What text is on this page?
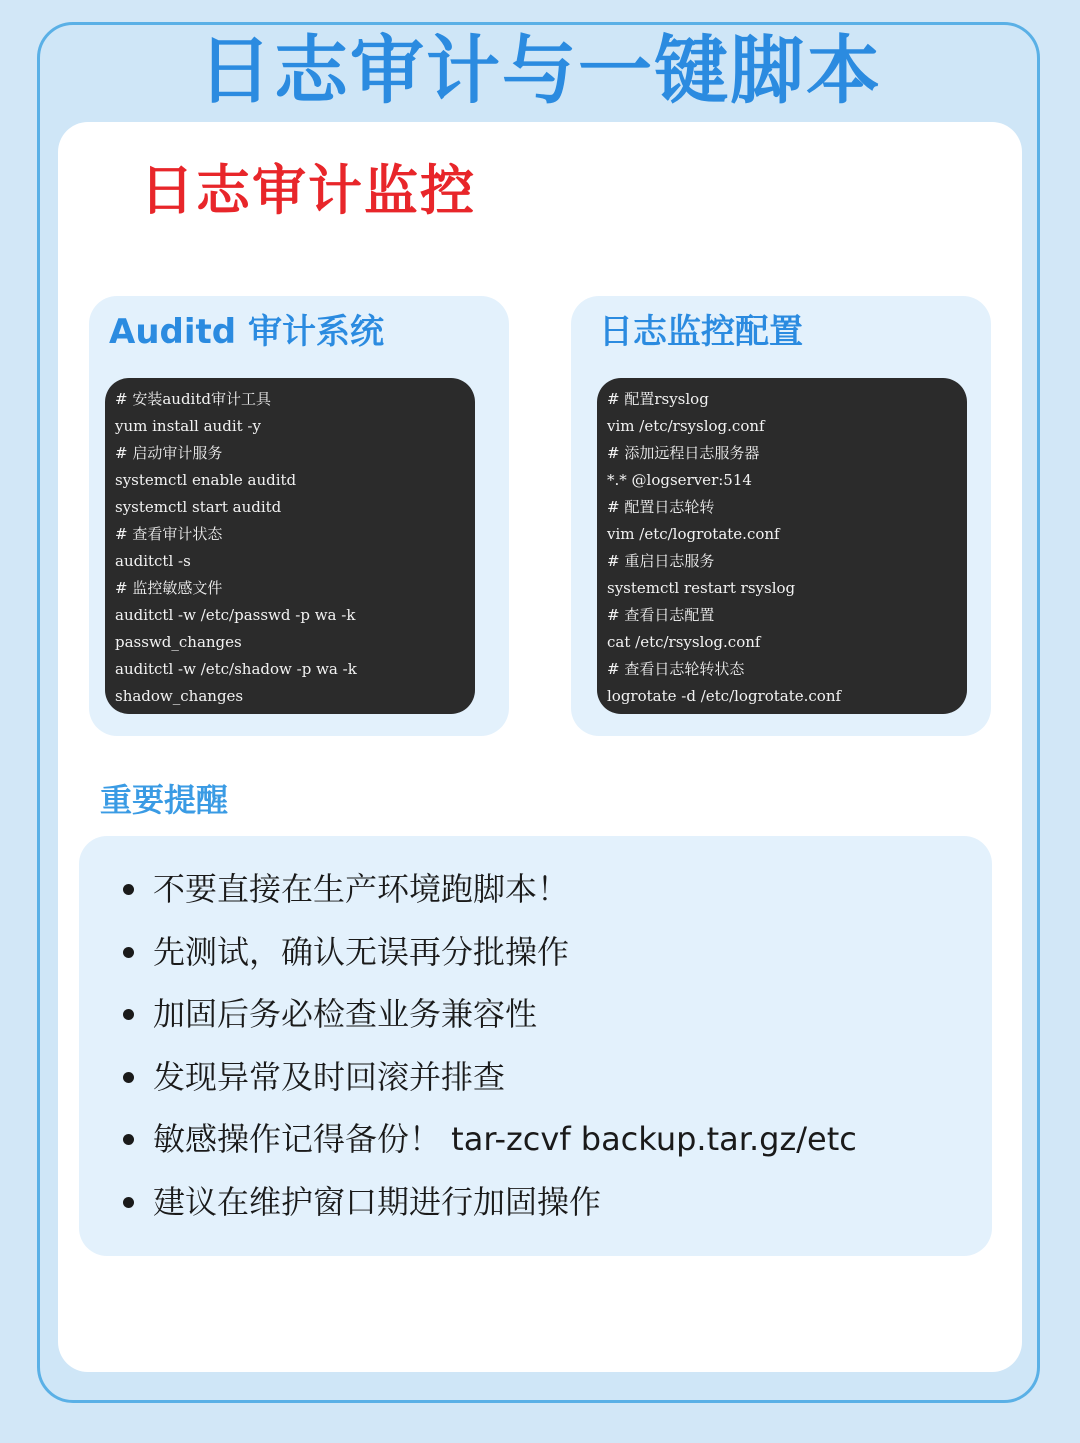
日志审计与一键脚本
日志审计监控
Auditd 审计系统
# 安装auditd审计工具
yum install audit -y
# 启动审计服务
systemctl enable auditd
systemctl start auditd
# 查看审计状态
auditctl -s
# 监控敏感文件
auditctl -w /etc/passwd -p wa -k
passwd_changes
auditctl -w /etc/shadow -p wa -k
shadow_changes
日志监控配置
# 配置rsyslog
vim /etc/rsyslog.conf
# 添加远程日志服务器
*.* @logserver:514
# 配置日志轮转
vim /etc/logrotate.conf
# 重启日志服务
systemctl restart rsyslog
# 查看日志配置
cat /etc/rsyslog.conf
# 查看日志轮转状态
logrotate -d /etc/logrotate.conf
重要提醒
不要直接在生产环境跑脚本！
先测试，确认无误再分批操作
加固后务必检查业务兼容性
发现异常及时回滚并排查
敏感操作记得备份！ tar-zcvf backup.tar.gz/etc
建议在维护窗口期进行加固操作
